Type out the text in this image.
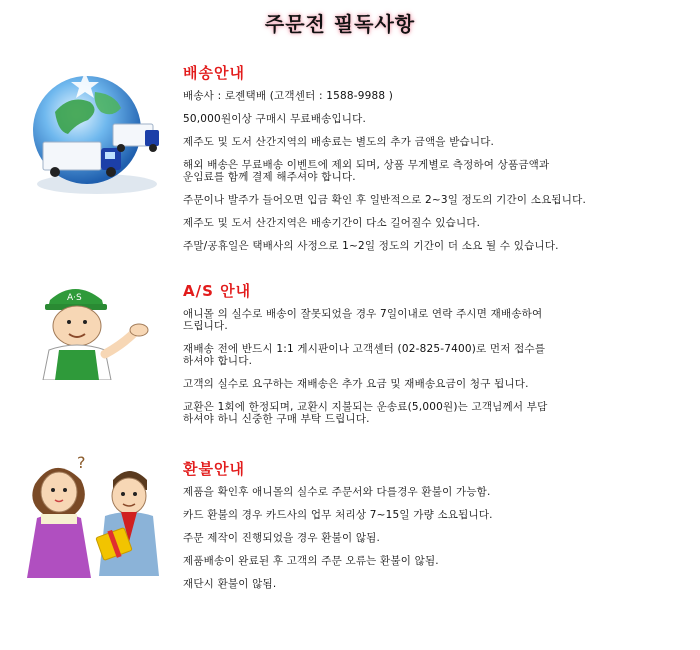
주문전 필독사항
배송안내
배송사 : 로젠택배 (고객센터 : 1588-9988 )
50,000원이상 구매시 무료배송입니다.
제주도 및 도서 산간지역의 배송료는 별도의 추가 금액을 받습니다.
해외 배송은 무료배송 이벤트에 제외 되며, 상품 무게별로 측정하여 상품금액과
운임료를 함께 결제 해주셔야 합니다.
주문이나 발주가 들어오면 입금 확인 후 일반적으로 2~3일 정도의 기간이 소요됩니다.
제주도 및 도서 산간지역은 배송기간이 다소 길어질수 있습니다.
주말/공휴일은 택배사의 사정으로 1~2일 정도의 기간이 더 소요 될 수 있습니다.
A·S	A/S 안내
애니몰 의 실수로 배송이 잘못되었을 경우 7일이내로 연락 주시면 재배송하여
드립니다.
재배송 전에 반드시 1:1 게시판이나 고객센터 (02-825-7400)로 먼저 접수를
하셔야 합니다.
고객의 실수로 요구하는 재배송은 추가 요금 및 재배송요금이 청구 됩니다.
교환은 1회에 한정되며, 교환시 지불되는 운송료(5,000원)는 고객님께서 부담
하셔야 하니 신중한 구매 부탁 드립니다.
?	환불안내
제품을 확인후 애니몰의 실수로 주문서와 다를경우 환불이 가능함.
카드 환불의 경우 카드사의 업무 처리상 7~15일 가량 소요됩니다.
주문 제작이 진행되었을 경우 환불이 않됨.
제품배송이 완료된 후 고객의 주문 오류는 환불이 않됨.
재단시 환불이 않됨.
